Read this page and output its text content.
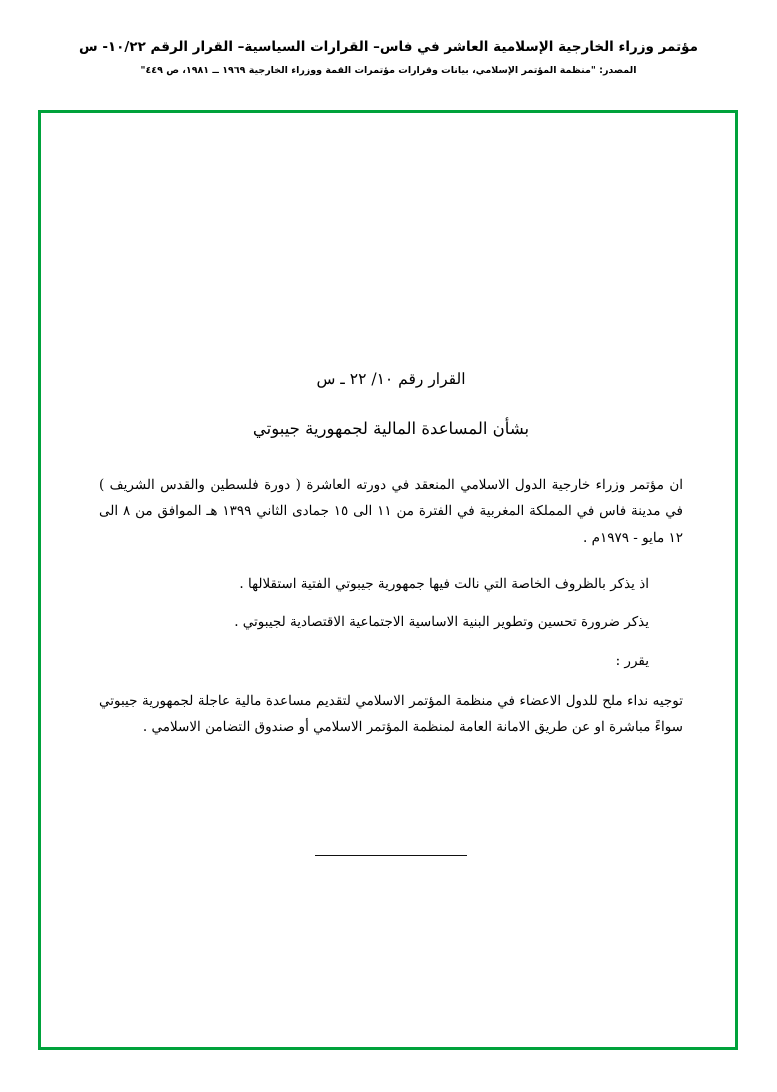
مؤتمر وزراء الخارجية الإسلامية العاشر في فاس– القرارات السياسية– القرار الرقم ١٠/٢٢- س
المصدر: "منظمة المؤتمر الإسلامي، بيانات وقرارات مؤتمرات القمة ووزراء الخارجية ١٩٦٩ ــ ١٩٨١، ص ٤٤٩"
القرار رقم ١٠/ ٢٢ ـ س
بشأن المساعدة المالية لجمهورية جيبوتي

ان مؤتمر وزراء خارجية الدول الاسلامي المنعقد في دورته العاشرة ( دورة فلسطين والقدس الشريف ) في مدينة فاس في المملكة المغربية في الفترة من ١١ الى ١٥ جمادى الثاني ١٣٩٩ هـ الموافق من ٨ الى ١٢ مايو - ١٩٧٩م .

اذ يذكر بالظروف الخاصة التي نالت فيها جمهورية جيبوتي الفتية استقلالها .

يذكر ضرورة تحسين وتطوير البنية الاساسية الاجتماعية الاقتصادية لجيبوتي .

يقرر :

توجيه نداء ملح للدول الاعضاء في منظمة المؤتمر الاسلامي لتقديم مساعدة مالية عاجلة لجمهورية جيبوتي سواءً مباشرة او عن طريق الامانة العامة لمنظمة المؤتمر الاسلامي أو صندوق التضامن الاسلامي .
